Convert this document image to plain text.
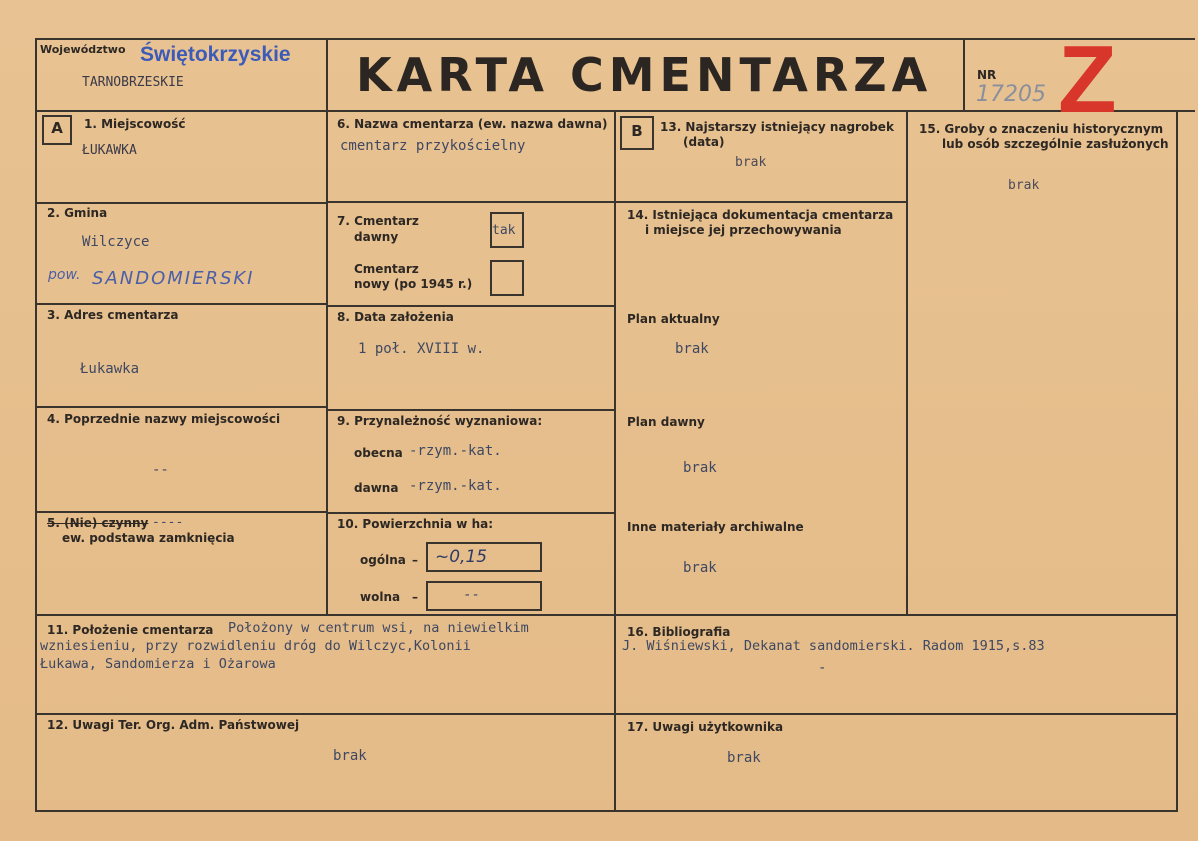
Województwo Świętokrzyskie
TARNOBRZESKIE	KARTA CMENTARZA	NR
17205 Z
A	1. Miejscowość
ŁUKAWKA
2. Gmina
Wilczyce
pow. SANDOMIERSKI
3. Adres cmentarza
Łukawka
4. Poprzednie nazwy miejscowości
--
5. (Nie) czynny ----
ew. podstawa zamknięcia
6. Nazwa cmentarza (ew. nazwa dawna)
cmentarz przykościelny
7. Cmentarz
dawny	tak
Cmentarz
nowy (po 1945 r.)
8. Data założenia
1 poł. XVIII w.
9. Przynależność wyznaniowa:
obecna -rzym.-kat.
dawna -rzym.-kat.
10. Powierzchnia w ha:
ogólna – ~0,15
wolna –	--
B	13. Najstarszy istniejący nagrobek
(data)
brak
14. Istniejąca dokumentacja cmentarza
i miejsce jej przechowywania
Plan aktualny
brak
Plan dawny
brak
Inne materiały archiwalne
brak
15. Groby o znaczeniu historycznym
lub osób szczególnie zasłużonych
brak
11. Położenie cmentarza Położony w centrum wsi, na niewielkim
wzniesieniu, przy rozwidleniu dróg do Wilczyc,Kolonii
Łukawa, Sandomierza i Ożarowa
16. Bibliografia
J. Wiśniewski, Dekanat sandomierski. Radom 1915,s.83
-
12. Uwagi Ter. Org. Adm. Państwowej
brak
17. Uwagi użytkownika
brak
